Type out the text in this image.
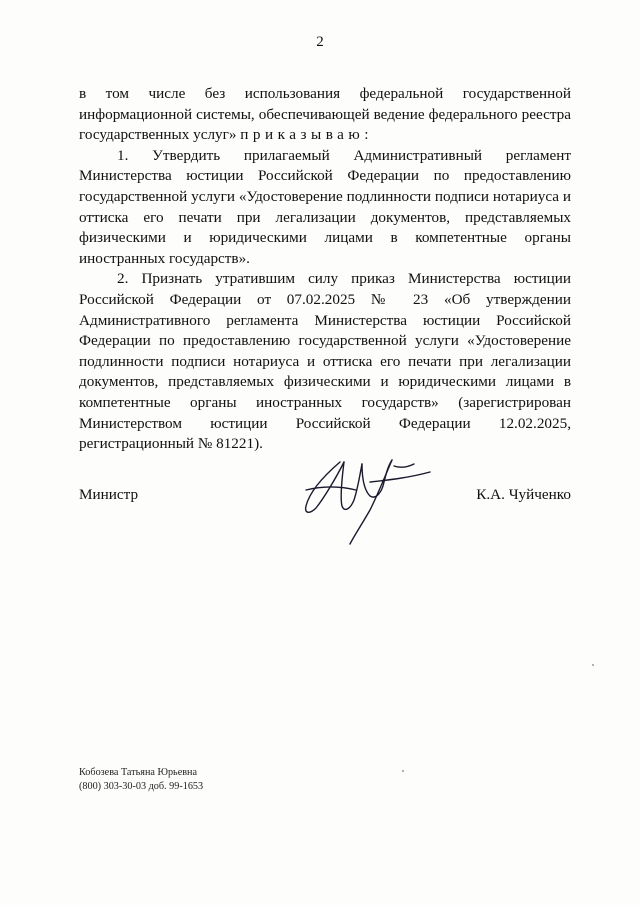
2

в том числе без использования федеральной государственной информационной системы, обеспечивающей ведение федерального реестра государственных услуг» приказываю:

1. Утвердить прилагаемый Административный регламент Министерства юстиции Российской Федерации по предоставлению государственной услуги «Удостоверение подлинности подписи нотариуса и оттиска его печати при легализации документов, представляемых физическими и юридическими лицами в компетентные органы иностранных государств».

2. Признать утратившим силу приказ Министерства юстиции Российской Федерации от 07.02.2025 № 23 «Об утверждении Административного регламента Министерства юстиции Российской Федерации по предоставлению государственной услуги «Удостоверение подлинности подписи нотариуса и оттиска его печати при легализации документов, представляемых физическими и юридическими лицами в компетентные органы иностранных государств» (зарегистрирован Министерством юстиции Российской Федерации 12.02.2025, регистрационный № 81221).

Министр	К.А. Чуйченко
Кобозева Татьяна Юрьевна
(800) 303-30-03 доб. 99-1653
